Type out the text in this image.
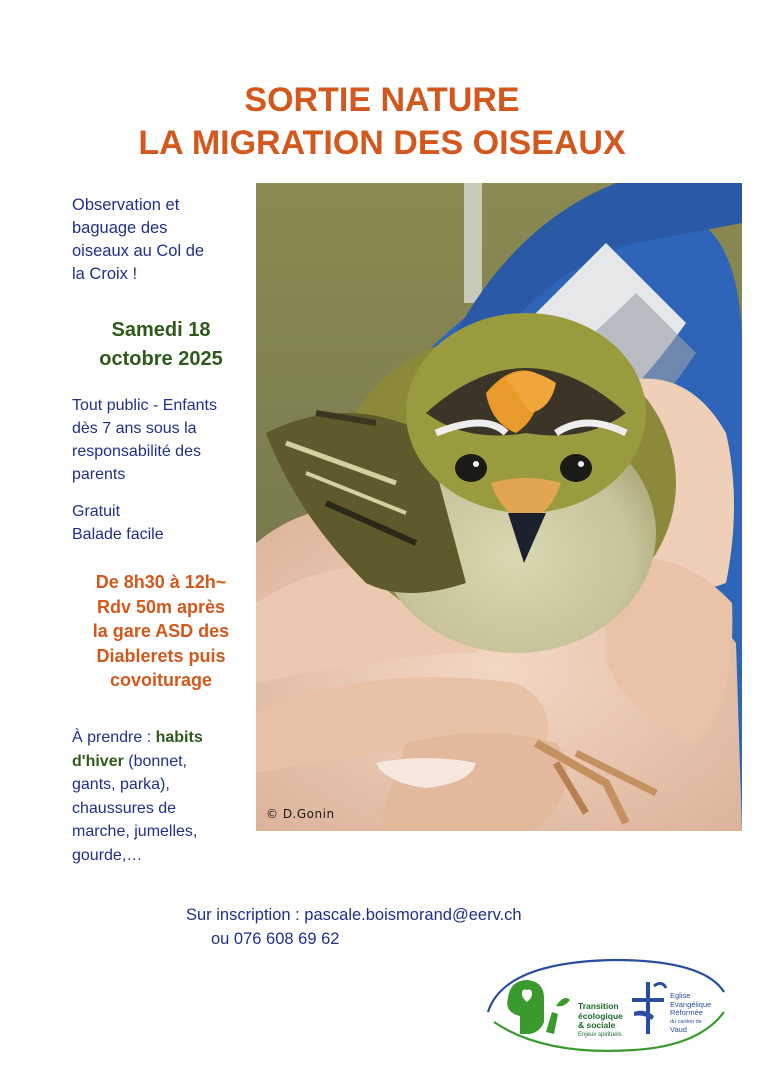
SORTIE NATURE
LA MIGRATION DES OISEAUX
Observation et
baguage des
oiseaux au Col de
la Croix !
Samedi 18
octobre 2025
Tout public - Enfants
dès 7 ans sous la
responsabilité des
parents
Gratuit
Balade facile
De 8h30 à 12h~
Rdv 50m après
la gare ASD des
Diablerets puis
covoiturage
À prendre : habits
d'hiver (bonnet,
gants, parka),
chaussures de
marche, jumelles,
gourde,…
© D.Gonin
Sur inscription : pascale.boismorand@eerv.ch
ou 076 608 69 62
Transition
écologique
& sociale
Enjeux spirituels
Eglise
Evangélique
Réformée
du canton de
Vaud
